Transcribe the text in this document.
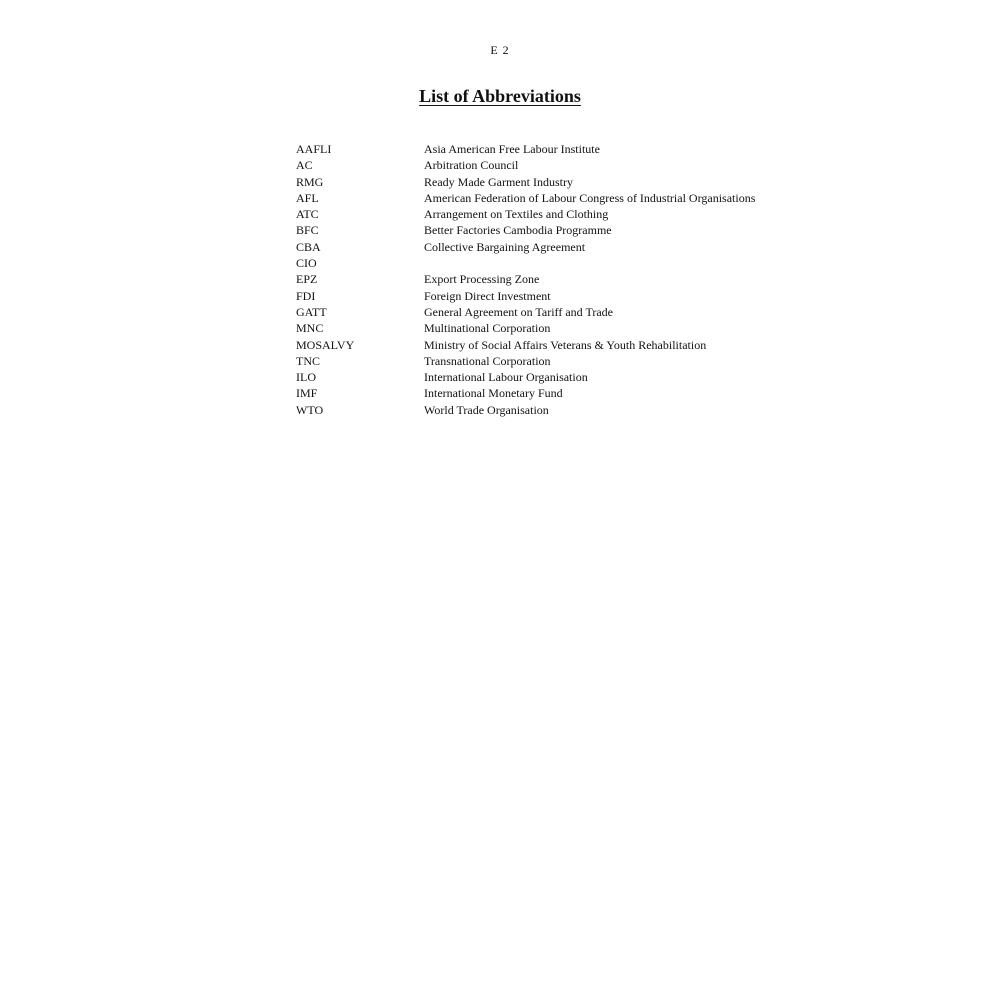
E 2
List of Abbreviations
AAFLI	Asia American Free Labour Institute
AC	Arbitration Council
RMG	Ready Made Garment Industry
AFL	American Federation of Labour Congress of Industrial Organisations
ATC	Arrangement on Textiles and Clothing
BFC	Better Factories Cambodia Programme
CBA	Collective Bargaining Agreement
CIO
EPZ	Export Processing Zone
FDI	Foreign Direct Investment
GATT	General Agreement on Tariff and Trade
MNC	Multinational Corporation
MOSALVY	Ministry of Social Affairs Veterans & Youth Rehabilitation
TNC	Transnational Corporation
ILO	International Labour Organisation
IMF	International Monetary Fund
WTO	World Trade Organisation
